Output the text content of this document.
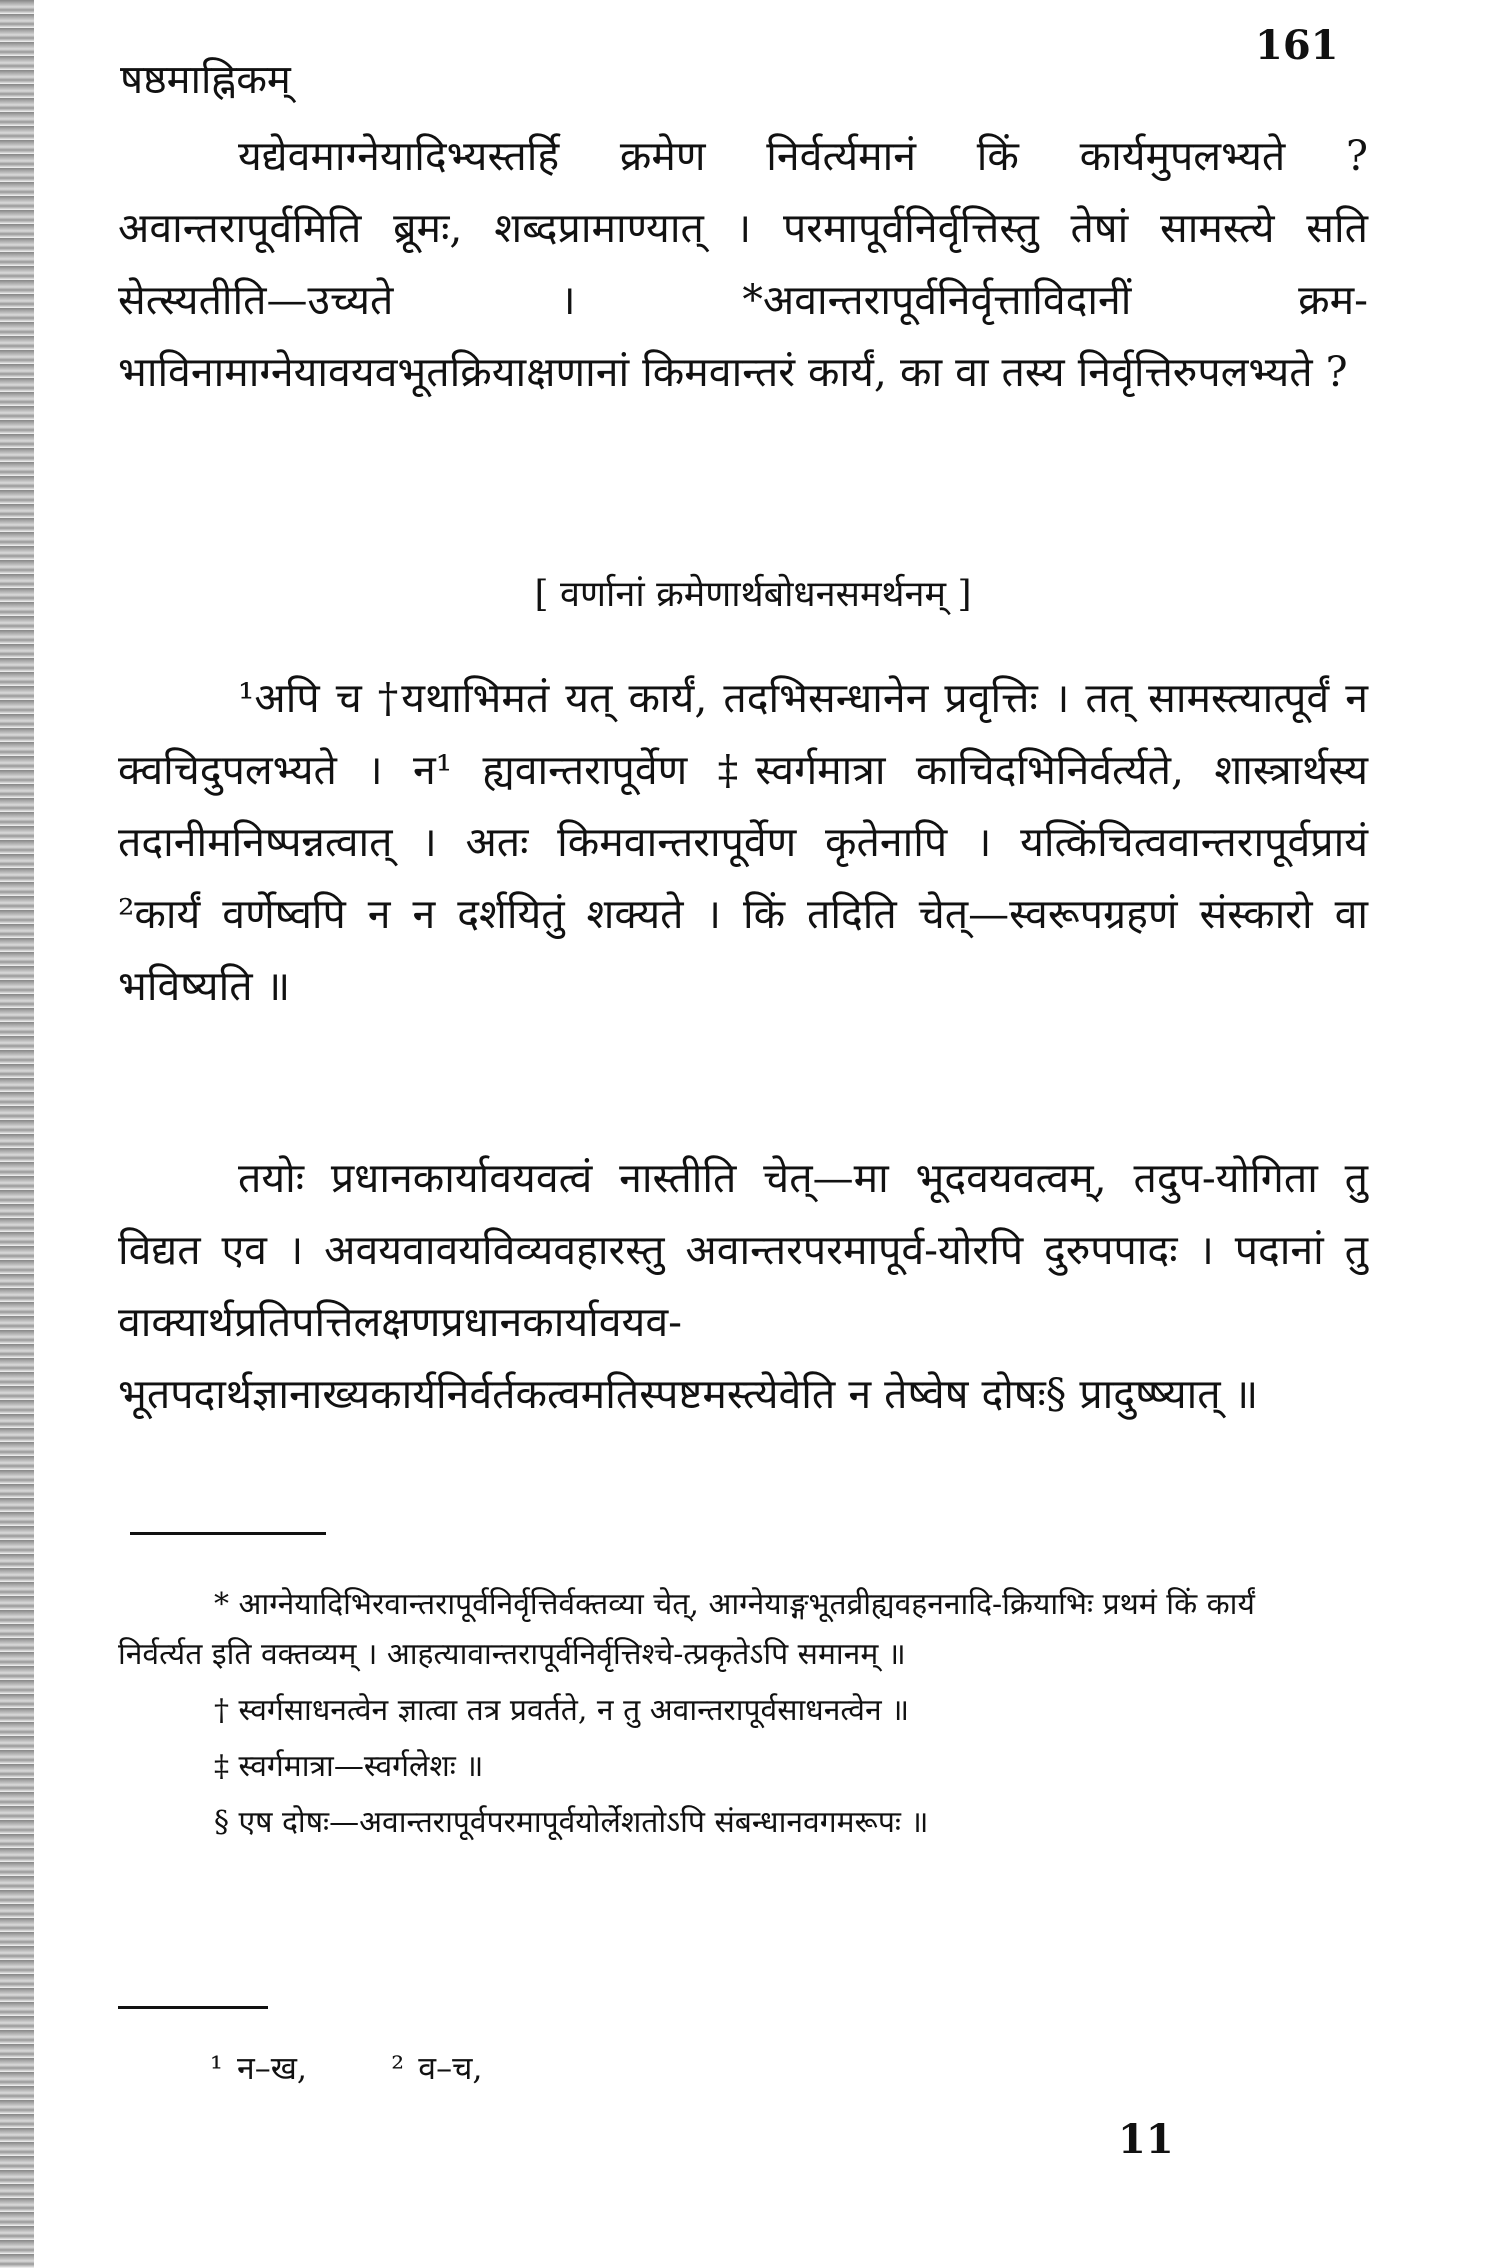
161
षष्ठमाह्निकम्

यद्येवमाग्नेयादिभ्यस्तर्हि क्रमेण निर्वर्त्यमानं किं कार्यमुपलभ्यते ? अवान्तरापूर्वमिति ब्रूमः, शब्दप्रामाण्यात् । परमापूर्वनिर्वृत्तिस्तु तेषां सामस्त्ये सति सेत्स्यतीति—उच्यते । *अवान्तरापूर्वनिर्वृत्ताविदानीं क्रम-भाविनामाग्नेयावयवभूतक्रियाक्षणानां किमवान्तरं कार्यं, का वा तस्य निर्वृत्तिरुपलभ्यते ?

[ वर्णानां क्रमेणार्थबोधनसमर्थनम् ]

¹अपि च †यथाभिमतं यत् कार्यं, तदभिसन्धानेन प्रवृत्तिः । तत् सामस्त्यात्पूर्वं न क्वचिदुपलभ्यते । न¹ ह्यवान्तरापूर्वेण ‡स्वर्गमात्रा काचिदभिनिर्वर्त्यते, शास्त्रार्थस्य तदानीमनिष्पन्नत्वात् । अतः किमवान्तरापूर्वेण कृतेनापि । यत्किंचित्ववान्तरापूर्वप्रायं ²कार्यं वर्णेष्वपि न न दर्शयितुं शक्यते । किं तदिति चेत्—स्वरूपग्रहणं संस्कारो वा भविष्यति ॥

तयोः प्रधानकार्यावयवत्वं नास्तीति चेत्—मा भूदवयवत्वम्, तदुप-योगिता तु विद्यत एव । अवयवावयविव्यवहारस्तु अवान्तरपरमापूर्व-योरपि दुरुपपादः । पदानां तु वाक्यार्थप्रतिपत्तिलक्षणप्रधानकार्यावयव-भूतपदार्थज्ञानाख्यकार्यनिर्वर्तकत्वमतिस्पष्टमस्त्येवेति न तेष्वेष दोषः§ प्रादुष्ष्यात् ॥

* आग्नेयादिभिरवान्तरापूर्वनिर्वृत्तिर्वक्तव्या चेत्, आग्नेयाङ्गभूतव्रीह्यवहननादि-क्रियाभिः प्रथमं किं कार्यं निर्वर्त्यत इति वक्तव्यम् । आहत्यावान्तरापूर्वनिर्वृत्तिश्चे-त्प्रकृतेऽपि समानम् ॥

† स्वर्गसाधनत्वेन ज्ञात्वा तत्र प्रवर्तते, न तु अवान्तरापूर्वसाधनत्वेन ॥

‡ स्वर्गमात्रा—स्वर्गलेशः ॥

§ एष दोषः—अवान्तरापूर्वपरमापूर्वयोर्लेशतोऽपि संबन्धानवगमरूपः ॥

¹ न–ख,	² व–च,
11
